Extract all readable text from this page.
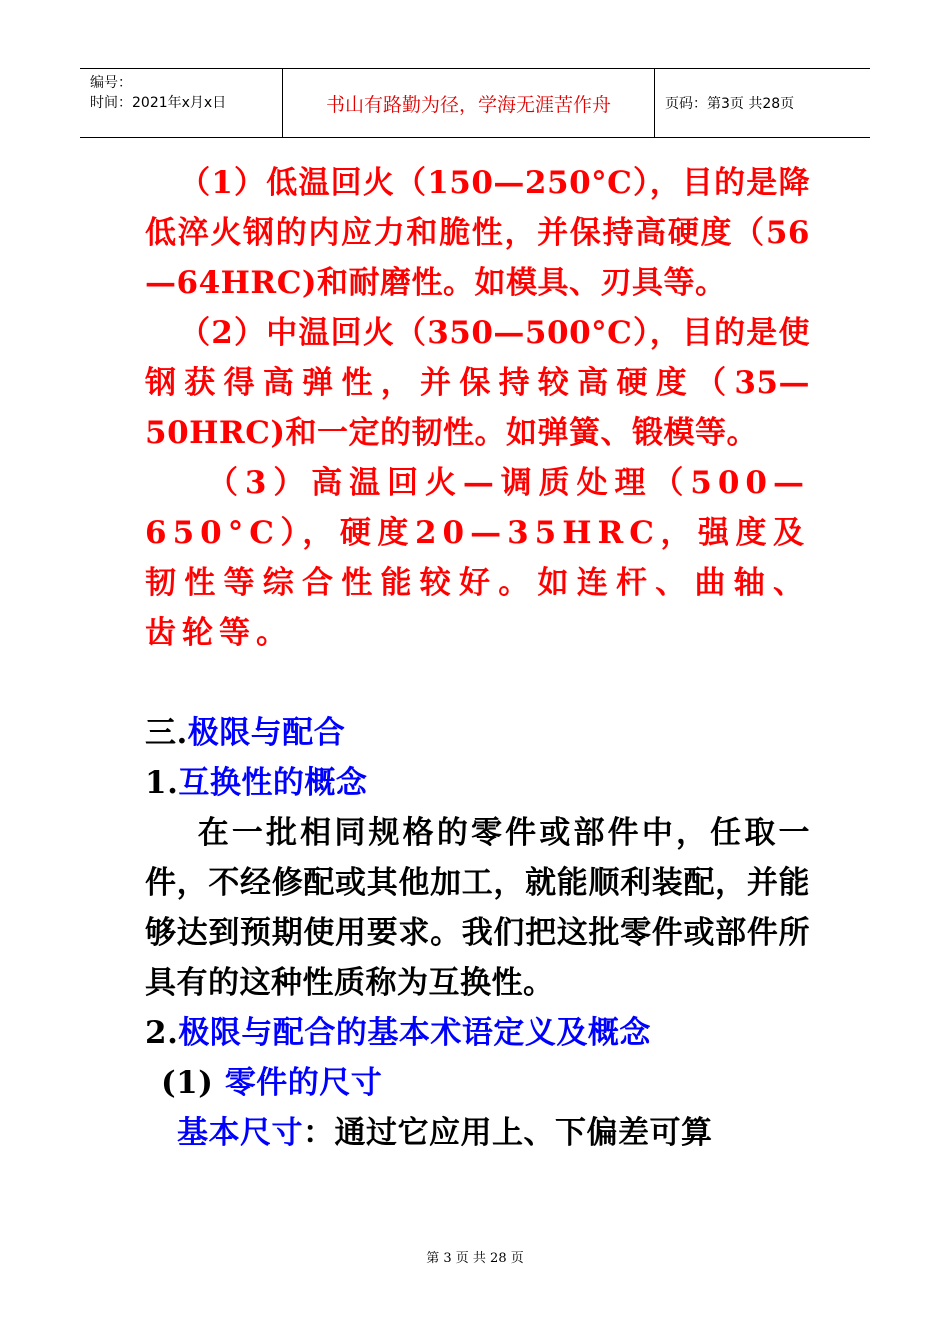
编号：
时间：2021年x月x日	书山有路勤为径，学海无涯苦作舟	页码：第3页 共28页

（1）低温回火（150—250°C），目的是降低淬火钢的内应力和脆性，并保持高硬度（56—64HRC)和耐磨性。如模具、刃具等。

（2）中温回火（350—500°C），目的是使钢获得高弹性，并保持较高硬度（35—50HRC)和一定的韧性。如弹簧、锻模等。

（3）高温回火—调质处理（500—650°C），硬度20—35HRC，强度及韧性等综合性能较好。如连杆、曲轴、齿轮等。

三.极限与配合

1.互换性的概念

在一批相同规格的零件或部件中，任取一件，不经修配或其他加工，就能顺利装配，并能够达到预期使用要求。我们把这批零件或部件所具有的这种性质称为互换性。

2.极限与配合的基本术语定义及概念

(1) 零件的尺寸

基本尺寸：通过它应用上、下偏差可算

第 3 页 共 28 页
